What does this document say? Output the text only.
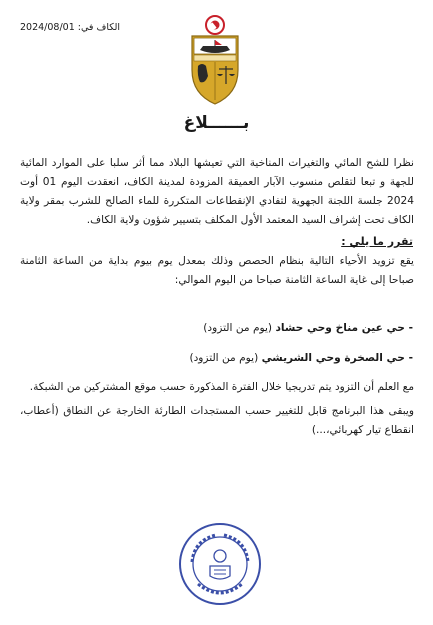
الكاف في: 2024/08/01
بــــــلاغ
نظرا للشح المائي والتغيرات المناخية التي تعيشها البلاد مما أثر سلبا على الموارد المائية للجهة و تبعا لتقلص منسوب الآبار العميقة المزودة لمدينة الكاف، انعقدت اليوم 01 أوت 2024 جلسة اللجنة الجهوية لتفادي الإنقطاعات المتكررة للماء الصالح للشرب بمقر ولاية الكاف تحت إشراف السيد المعتمد الأول المكلف بتسيير شؤون ولاية الكاف.
تقرر ما يلي :
يقع تزويد الأحياء التالية بنظام الحصص وذلك بمعدل يوم بيوم بداية من الساعة الثامنة صباحا إلى غاية الساعة الثامنة صباحا من اليوم الموالي:
- حي عين مناخ وحي حشاد (يوم من التزود)
- حي الصخرة وحي الشريشي (يوم من التزود)
مع العلم أن التزود يتم تدريجيا خلال الفترة المذكورة حسب موقع المشتركين من الشبكة.
ويبقى هذا البرنامج قابل للتغيير حسب المستجدات الطارئة الخارجة عن النطاق (أعطاب، انقطاع تيار كهربائي،...)
